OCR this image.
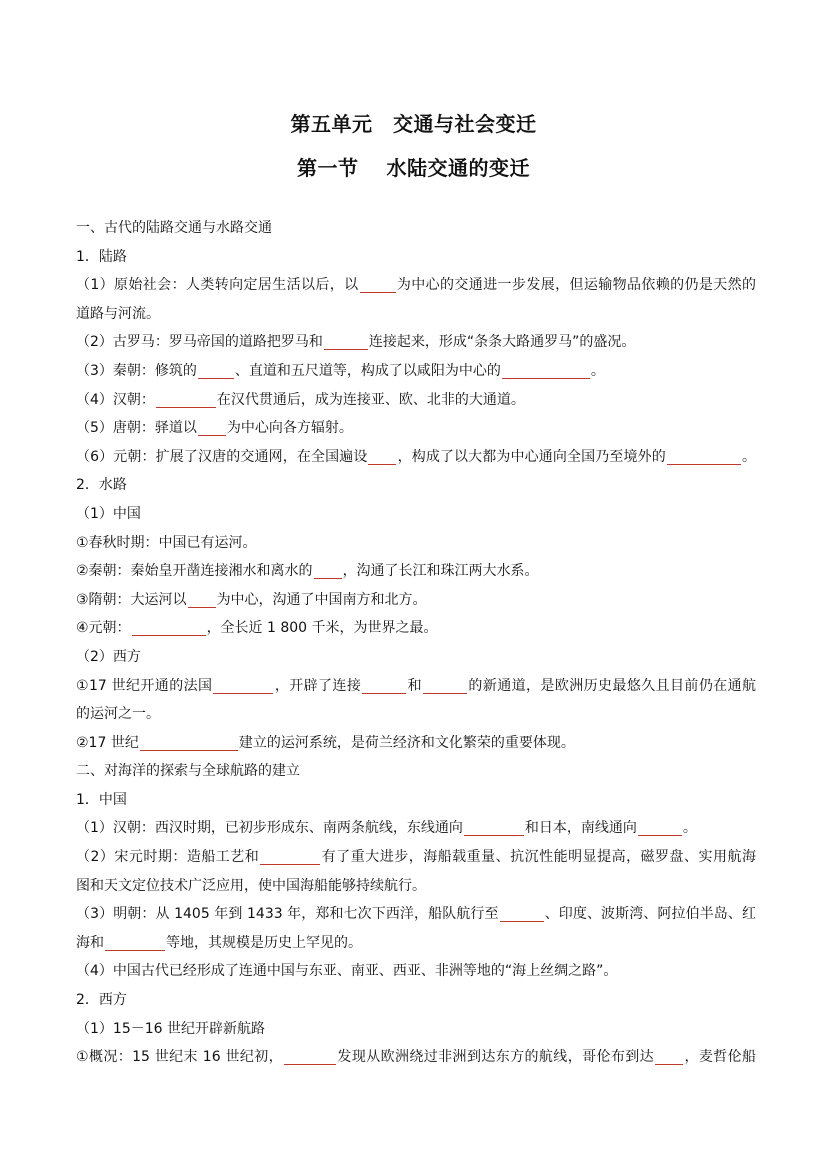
第五单元　交通与社会变迁
第一节　 水陆交通的变迁
一、古代的陆路交通与水路交通
1．陆路
（1）原始社会：人类转向定居生活以后，以	为中心的交通进一步发展，但运输物品依赖的仍是天然的
道路与河流。
（2）古罗马：罗马帝国的道路把罗马和	连接起来，形成“条条大路通罗马”的盛况。
（3）秦朝：修筑的	、直道和五尺道等，构成了以咸阳为中心的	。
（4）汉朝：	在汉代贯通后，成为连接亚、欧、北非的大通道。
（5）唐朝：驿道以 为中心向各方辐射。
（6）元朝：扩展了汉唐的交通网，在全国遍设 ，构成了以大都为中心通向全国乃至境外的	。
2．水路
（1）中国
①春秋时期：中国已有运河。
②秦朝：秦始皇开凿连接湘水和离水的 ，沟通了长江和珠江两大水系。
③隋朝：大运河以 为中心，沟通了中国南方和北方。
④元朝：	，全长近 1 800 千米，为世界之最。
（2）西方
①17 世纪开通的法国	，开辟了连接	和	的新通道，是欧洲历史最悠久且目前仍在通航
的运河之一。
②17 世纪	建立的运河系统，是荷兰经济和文化繁荣的重要体现。
二、对海洋的探索与全球航路的建立
1．中国
（1）汉朝：西汉时期，已初步形成东、南两条航线，东线通向	和日本，南线通向	。
（2）宋元时期：造船工艺和	有了重大进步，海船载重量、抗沉性能明显提高，磁罗盘、实用航海
图和天文定位技术广泛应用，使中国海船能够持续航行。
（3）明朝：从 1405 年到 1433 年，郑和七次下西洋，船队航行至	、印度、波斯湾、阿拉伯半岛、红
海和	等地，其规模是历史上罕见的。
（4）中国古代已经形成了连通中国与东亚、南亚、西亚、非洲等地的“海上丝绸之路”。
2．西方
（1）15－16 世纪开辟新航路
①概况：15 世纪末 16 世纪初，	发现从欧洲绕过非洲到达东方的航线，哥伦布到达 ，麦哲伦船
